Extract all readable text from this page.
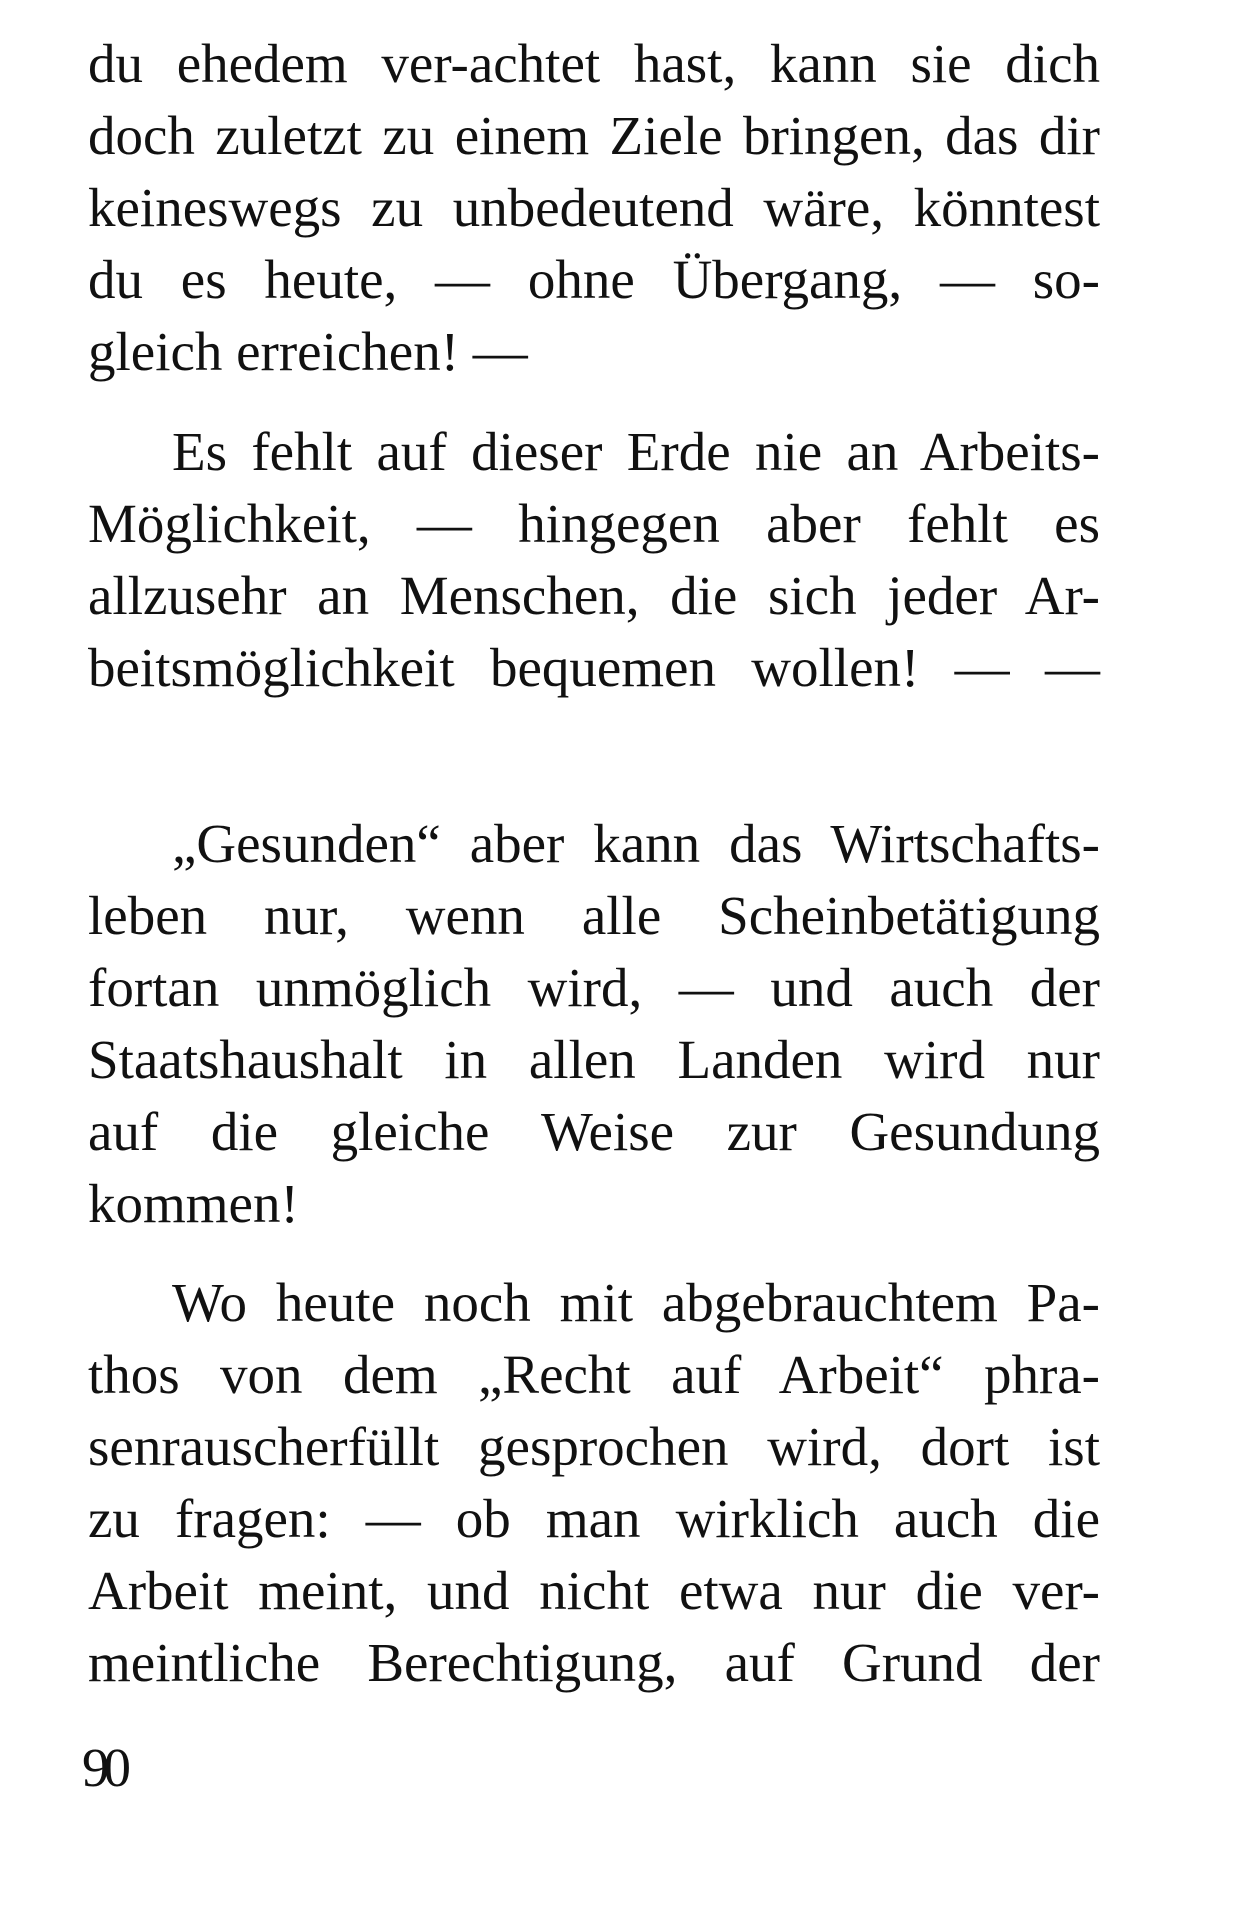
du ehedem ver-achtet hast, kann sie dich
doch zuletzt zu einem Ziele bringen, das dir
keineswegs zu unbedeutend wäre, könntest
du es heute, — ohne Übergang, — so-
gleich erreichen! —
Es fehlt auf dieser Erde nie an Arbeits-
Möglichkeit, — hingegen aber fehlt es
allzusehr an Menschen, die sich jeder Ar-
beitsmöglichkeit bequemen wollen! — —
„Gesunden“ aber kann das Wirtschafts-
leben nur, wenn alle Scheinbetätigung
fortan unmöglich wird, — und auch der
Staatshaushalt in allen Landen wird nur
auf die gleiche Weise zur Gesundung
kommen!
Wo heute noch mit abgebrauchtem Pa-
thos von dem „Recht auf Arbeit“ phra-
senrauscherfüllt gesprochen wird, dort ist
zu fragen: — ob man wirklich auch die
Arbeit meint, und nicht etwa nur die ver-
meintliche Berechtigung, auf Grund der
90
